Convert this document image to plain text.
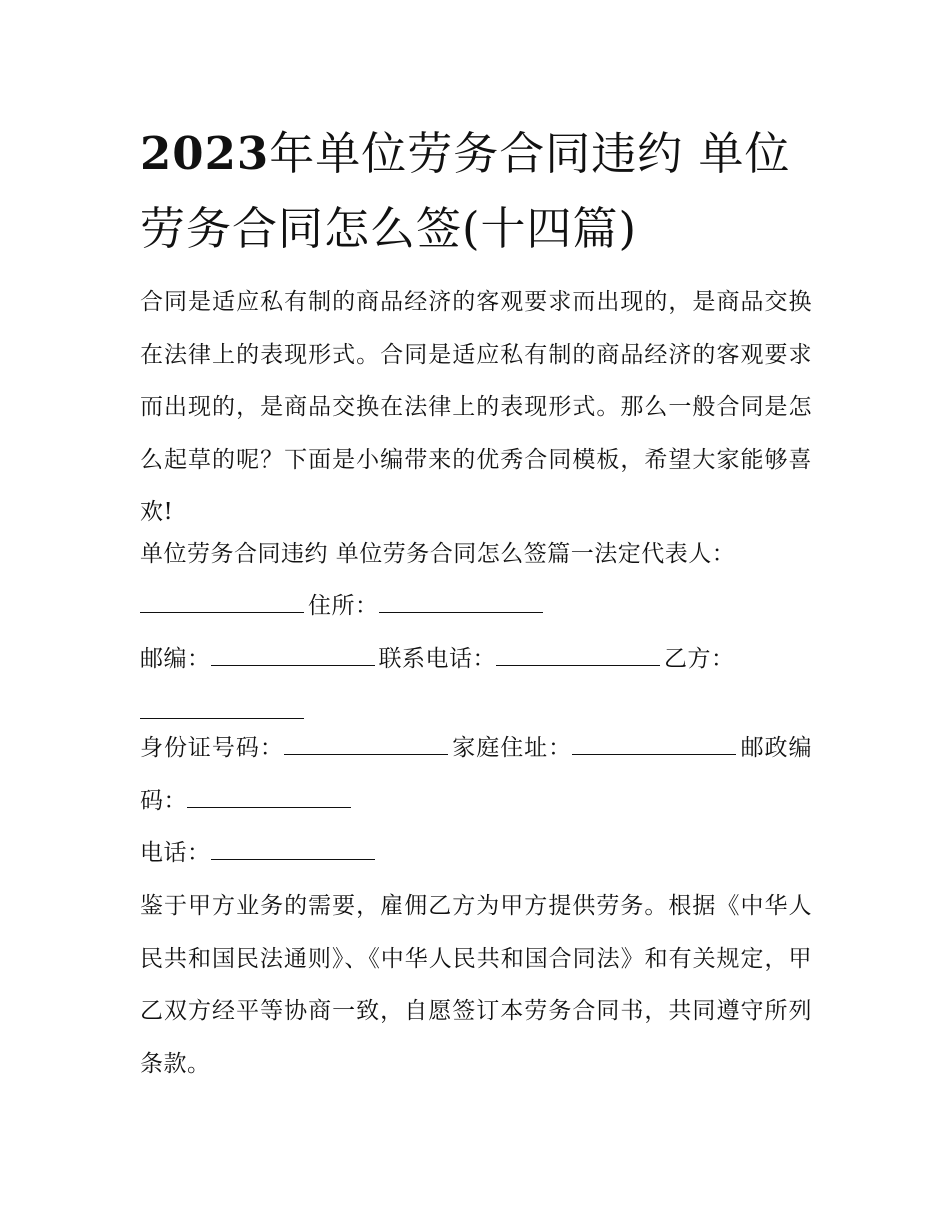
2023年单位劳务合同违约 单位劳务合同怎么签(十四篇)

合同是适应私有制的商品经济的客观要求而出现的，是商品交换在法律上的表现形式。合同是适应私有制的商品经济的客观要求而出现的，是商品交换在法律上的表现形式。那么一般合同是怎么起草的呢？下面是小编带来的优秀合同模板，希望大家能够喜欢!

单位劳务合同违约 单位劳务合同怎么签篇一法定代表人：

住所：

邮编：	联系电话：	乙方：

身份证号码：	家庭住址：	邮政编码：

电话：

鉴于甲方业务的需要，雇佣乙方为甲方提供劳务。根据《中华人民共和国民法通则》、《中华人民共和国合同法》和有关规定，甲乙双方经平等协商一致，自愿签订本劳务合同书，共同遵守所列条款。
